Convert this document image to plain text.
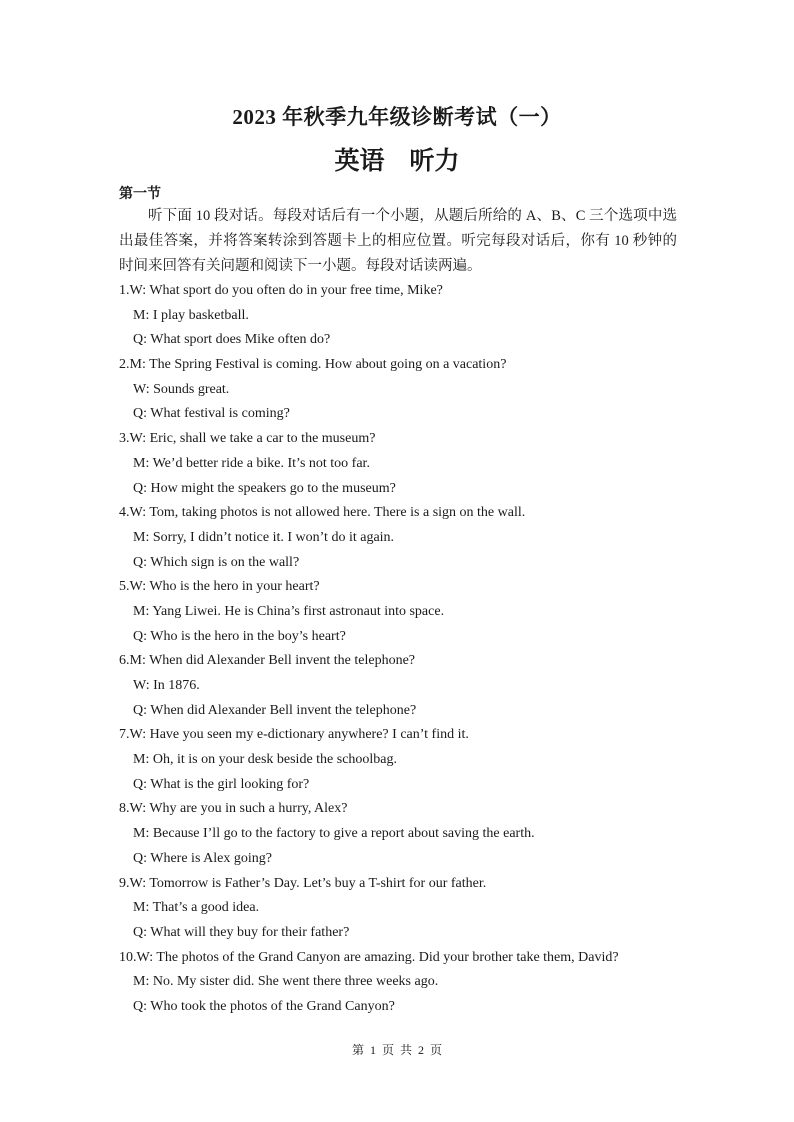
2023 年秋季九年级诊断考试（一）
英语　听力
第一节
听下面 10 段对话。每段对话后有一个小题，从题后所给的 A、B、C 三个选项中选出最佳答案，并将答案转涂到答题卡上的相应位置。听完每段对话后，你有 10 秒钟的时间来回答有关问题和阅读下一小题。每段对话读两遍。
1.W: What sport do you often do in your free time, Mike?
M: I play basketball.
Q: What sport does Mike often do?
2.M: The Spring Festival is coming. How about going on a vacation?
W: Sounds great.
Q: What festival is coming?
3.W: Eric, shall we take a car to the museum?
M: We’d better ride a bike. It’s not too far.
Q: How might the speakers go to the museum?
4.W: Tom, taking photos is not allowed here. There is a sign on the wall.
M: Sorry, I didn’t notice it. I won’t do it again.
Q: Which sign is on the wall?
5.W: Who is the hero in your heart?
M: Yang Liwei. He is China’s first astronaut into space.
Q: Who is the hero in the boy’s heart?
6.M: When did Alexander Bell invent the telephone?
W: In 1876.
Q: When did Alexander Bell invent the telephone?
7.W: Have you seen my e-dictionary anywhere? I can’t find it.
M: Oh, it is on your desk beside the schoolbag.
Q: What is the girl looking for?
8.W: Why are you in such a hurry, Alex?
M: Because I’ll go to the factory to give a report about saving the earth.
Q: Where is Alex going?
9.W: Tomorrow is Father’s Day. Let’s buy a T-shirt for our father.
M: That’s a good idea.
Q: What will they buy for their father?
10.W: The photos of the Grand Canyon are amazing. Did your brother take them, David?
M: No. My sister did. She went there three weeks ago.
Q: Who took the photos of the Grand Canyon?
第 1 页 共 2 页
